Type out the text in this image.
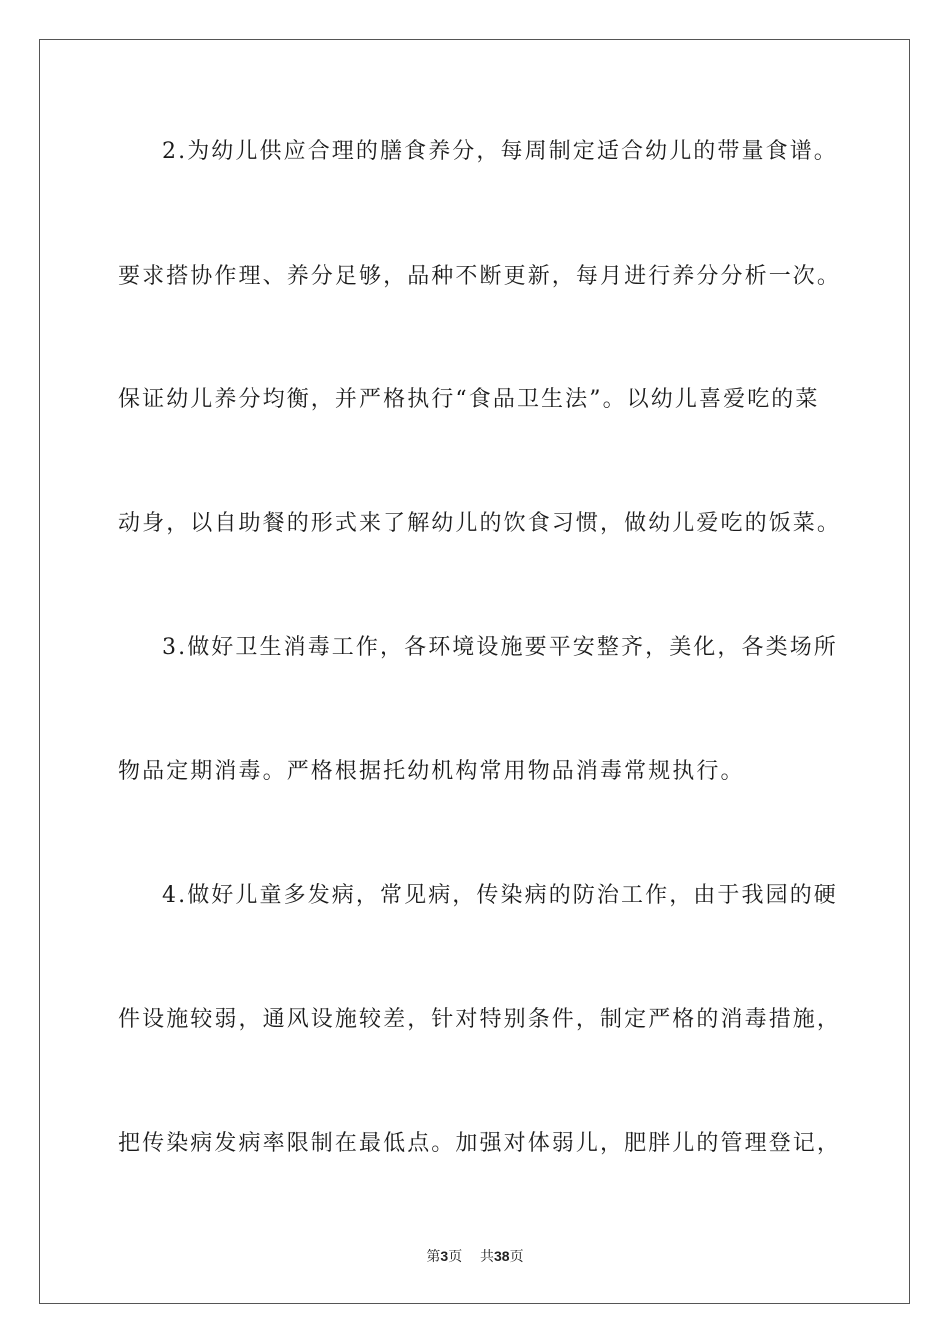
2.为幼儿供应合理的膳食养分，每周制定适合幼儿的带量食谱。
要求搭协作理、养分足够，品种不断更新，每月进行养分分析一次。
保证幼儿养分均衡，并严格执行“食品卫生法”。以幼儿喜爱吃的菜
动身，以自助餐的形式来了解幼儿的饮食习惯，做幼儿爱吃的饭菜。
3.做好卫生消毒工作，各环境设施要平安整齐，美化，各类场所
物品定期消毒。严格根据托幼机构常用物品消毒常规执行。
4.做好儿童多发病，常见病，传染病的防治工作，由于我园的硬
件设施较弱，通风设施较差，针对特别条件，制定严格的消毒措施，
把传染病发病率限制在最低点。加强对体弱儿，肥胖儿的管理登记，
第3页 共38页
